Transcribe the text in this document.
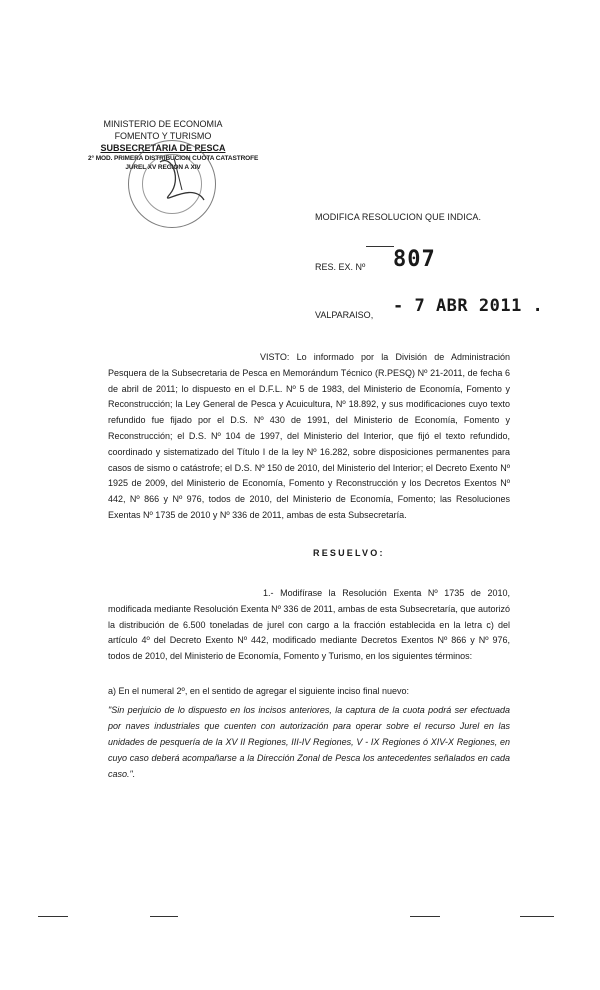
MINISTERIO DE ECONOMIA
FOMENTO Y TURISMO
SUBSECRETARIA DE PESCA
2° MOD. PRIMERA DISTRIBUCION CUOTA CATASTROFE
JUREL XV REGION A XIV
MODIFICA RESOLUCION QUE INDICA.
RES. EX. Nº 807
VALPARAISO, - 7 ABR 2011 .
VISTO: Lo informado por la División de Administración Pesquera de la Subsecretaria de Pesca en Memorándum Técnico (R.PESQ) Nº 21-2011, de fecha 6 de abril de 2011; lo dispuesto en el D.F.L. Nº 5 de 1983, del Ministerio de Economía, Fomento y Reconstrucción; la Ley General de Pesca y Acuicultura, Nº 18.892, y sus modificaciones cuyo texto refundido fue fijado por el D.S. Nº 430 de 1991, del Ministerio de Economía, Fomento y Reconstrucción; el D.S. Nº 104 de 1997, del Ministerio del Interior, que fijó el texto refundido, coordinado y sistematizado del Título I de la ley Nº 16.282, sobre disposiciones permanentes para casos de sismo o catástrofe; el D.S. Nº 150 de 2010, del Ministerio del Interior; el Decreto Exento Nº 1925 de 2009, del Ministerio de Economía, Fomento y Reconstrucción y los Decretos Exentos Nº 442, Nº 866 y Nº 976, todos de 2010, del Ministerio de Economía, Fomento; las Resoluciones Exentas Nº 1735 de 2010 y Nº 336 de 2011, ambas de esta Subsecretaría.
RESUELVO:
1.- Modifírase la Resolución Exenta Nº 1735 de 2010, modificada mediante Resolución Exenta Nº 336 de 2011, ambas de esta Subsecretaría, que autorizó la distribución de 6.500 toneladas de jurel con cargo a la fracción establecida en la letra c) del artículo 4º del Decreto Exento Nº 442, modificado mediante Decretos Exentos Nº 866 y Nº 976, todos de 2010, del Ministerio de Economía, Fomento y Turismo, en los siguientes términos:
a) En el numeral 2º, en el sentido de agregar el siguiente inciso final nuevo:
"Sin perjuicio de lo dispuesto en los incisos anteriores, la captura de la cuota podrá ser efectuada por naves industriales que cuenten con autorización para operar sobre el recurso Jurel en las unidades de pesquería de la XV II Regiones, III-IV Regiones, V - IX Regiones ó XIV-X Regiones, en cuyo caso deberá acompañarse a la Dirección Zonal de Pesca los antecedentes señalados en cada caso.".
